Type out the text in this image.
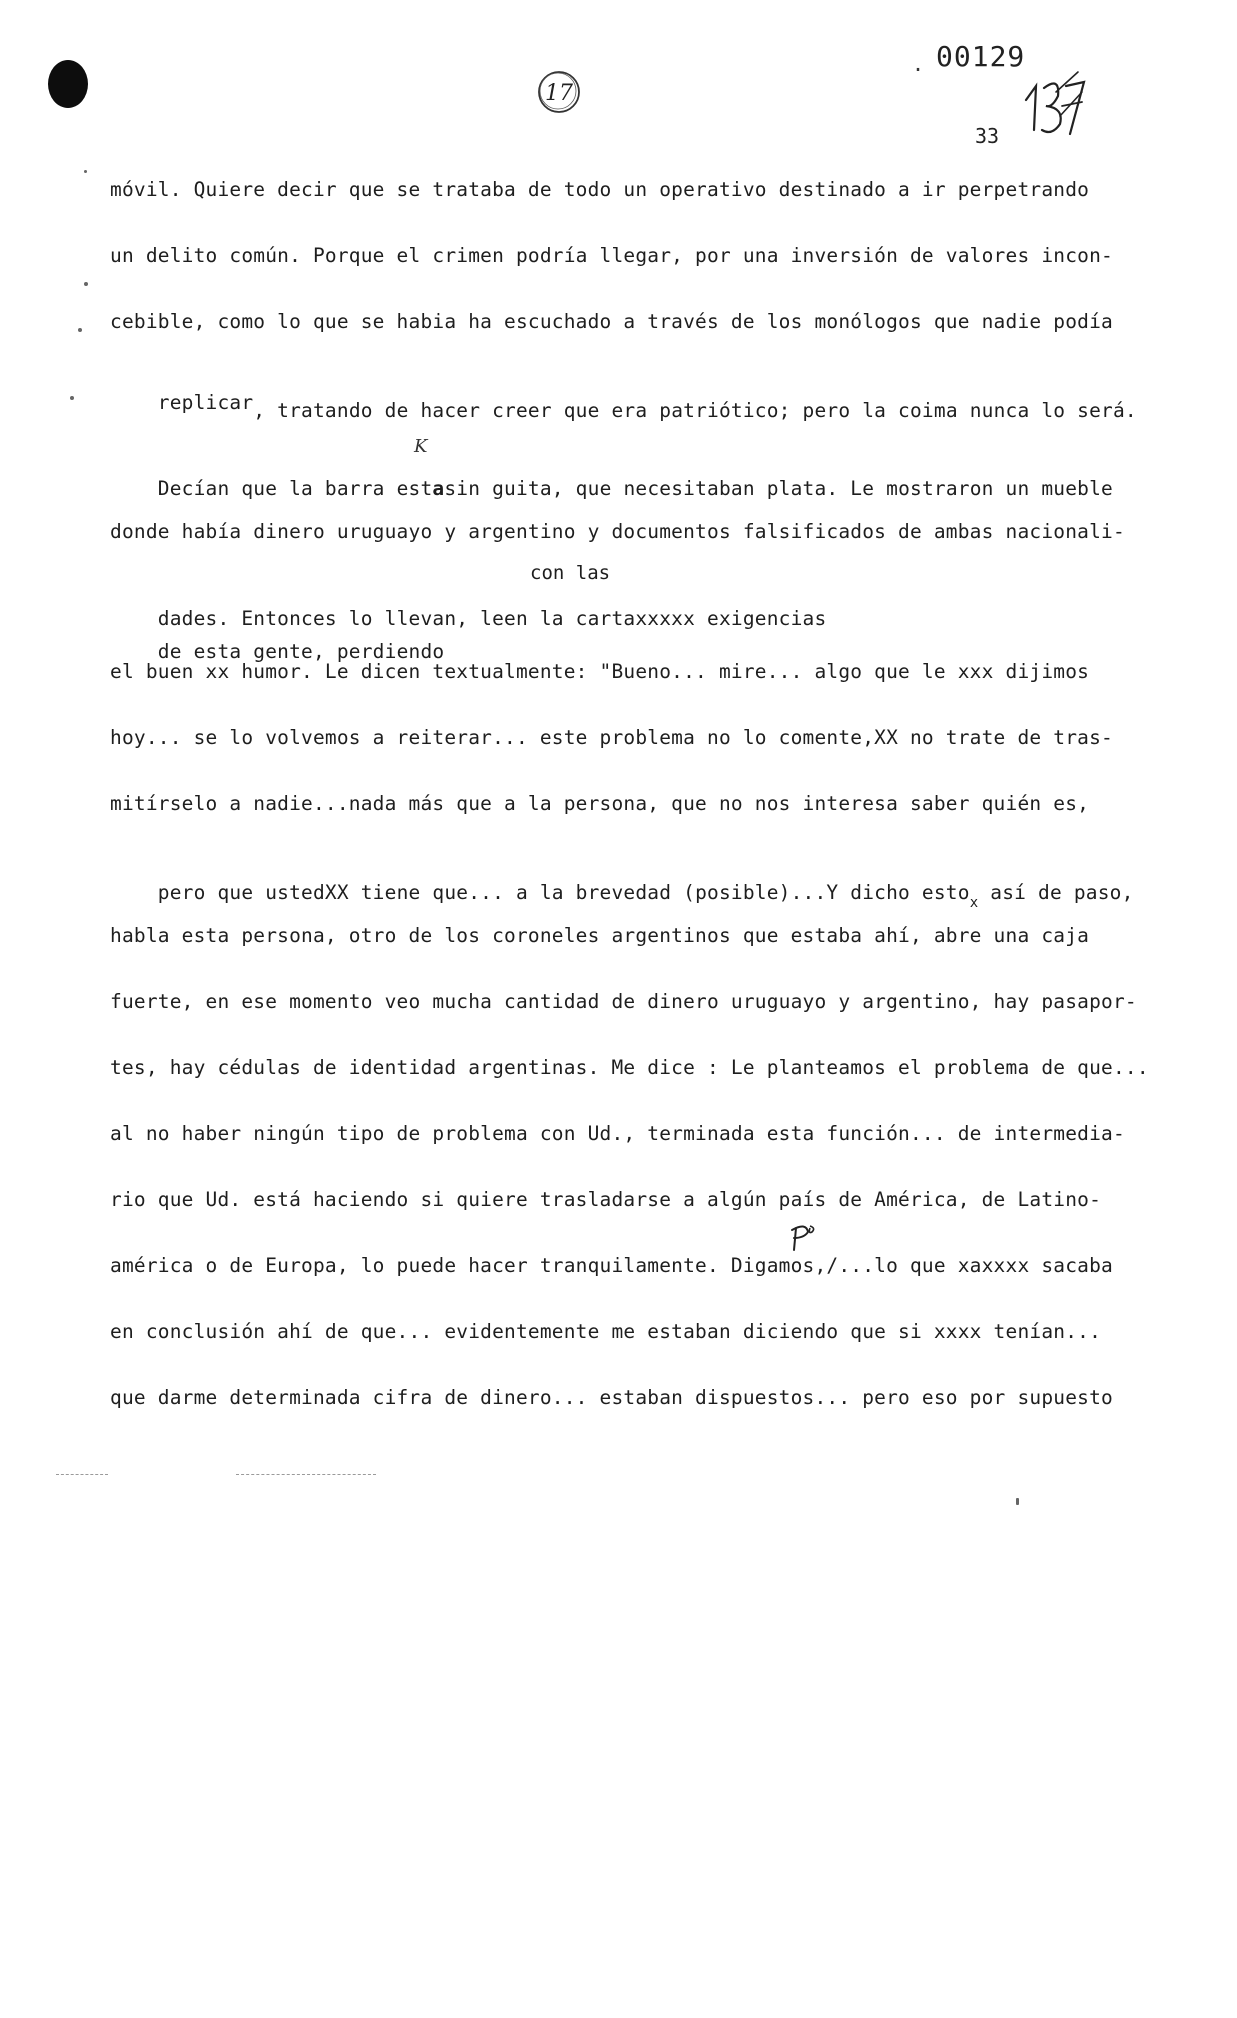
17
. 00129
33
móvil. Quiere decir que se trataba de todo un operativo destinado a ir perpetrando
un delito común. Porque el crimen podría llegar, por una inversión de valores incon-
cebible, como lo que se habia ha escuchado a través de los monólogos que nadie podía

replicar, tratando de hacer creer que era patriótico; pero la coima nunca lo será.

Decían que la barra estasin guita, que necesitaban plata. Le mostraron un mueble

K
donde había dinero uruguayo y argentino y documentos falsificados de ambas nacionali-
con las

dades. Entonces lo llevan, leen la cartaxxxxx exigencias
de esta gente, perdiendo

el buen xx humor. Le dicen textualmente: "Bueno... mire... algo que le xxx dijimos
hoy... se lo volvemos a reiterar... este problema no lo comente,XX no trate de tras-
mitírselo a nadie...nada más que a la persona, que no nos interesa saber quién es,

pero que ustedXX tiene que... a la brevedad (posible)...Y dicho esto$_x$ así de paso,

habla esta persona, otro de los coroneles argentinos que estaba ahí, abre una caja
fuerte, en ese momento veo mucha cantidad de dinero uruguayo y argentino, hay pasapor-
tes, hay cédulas de identidad argentinas. Me dice : Le planteamos el problema de que...
al no haber ningún tipo de problema con Ud., terminada esta función... de intermedia-
rio que Ud. está haciendo si quiere trasladarse a algún país de América, de Latino-
américa o de Europa, lo puede hacer tranquilamente. Digamos,/...lo que xaxxxx sacaba
en conclusión ahí de que... evidentemente me estaban diciendo que si xxxx tenían...
que darme determinada cifra de dinero... estaban dispuestos... pero eso por supuesto
